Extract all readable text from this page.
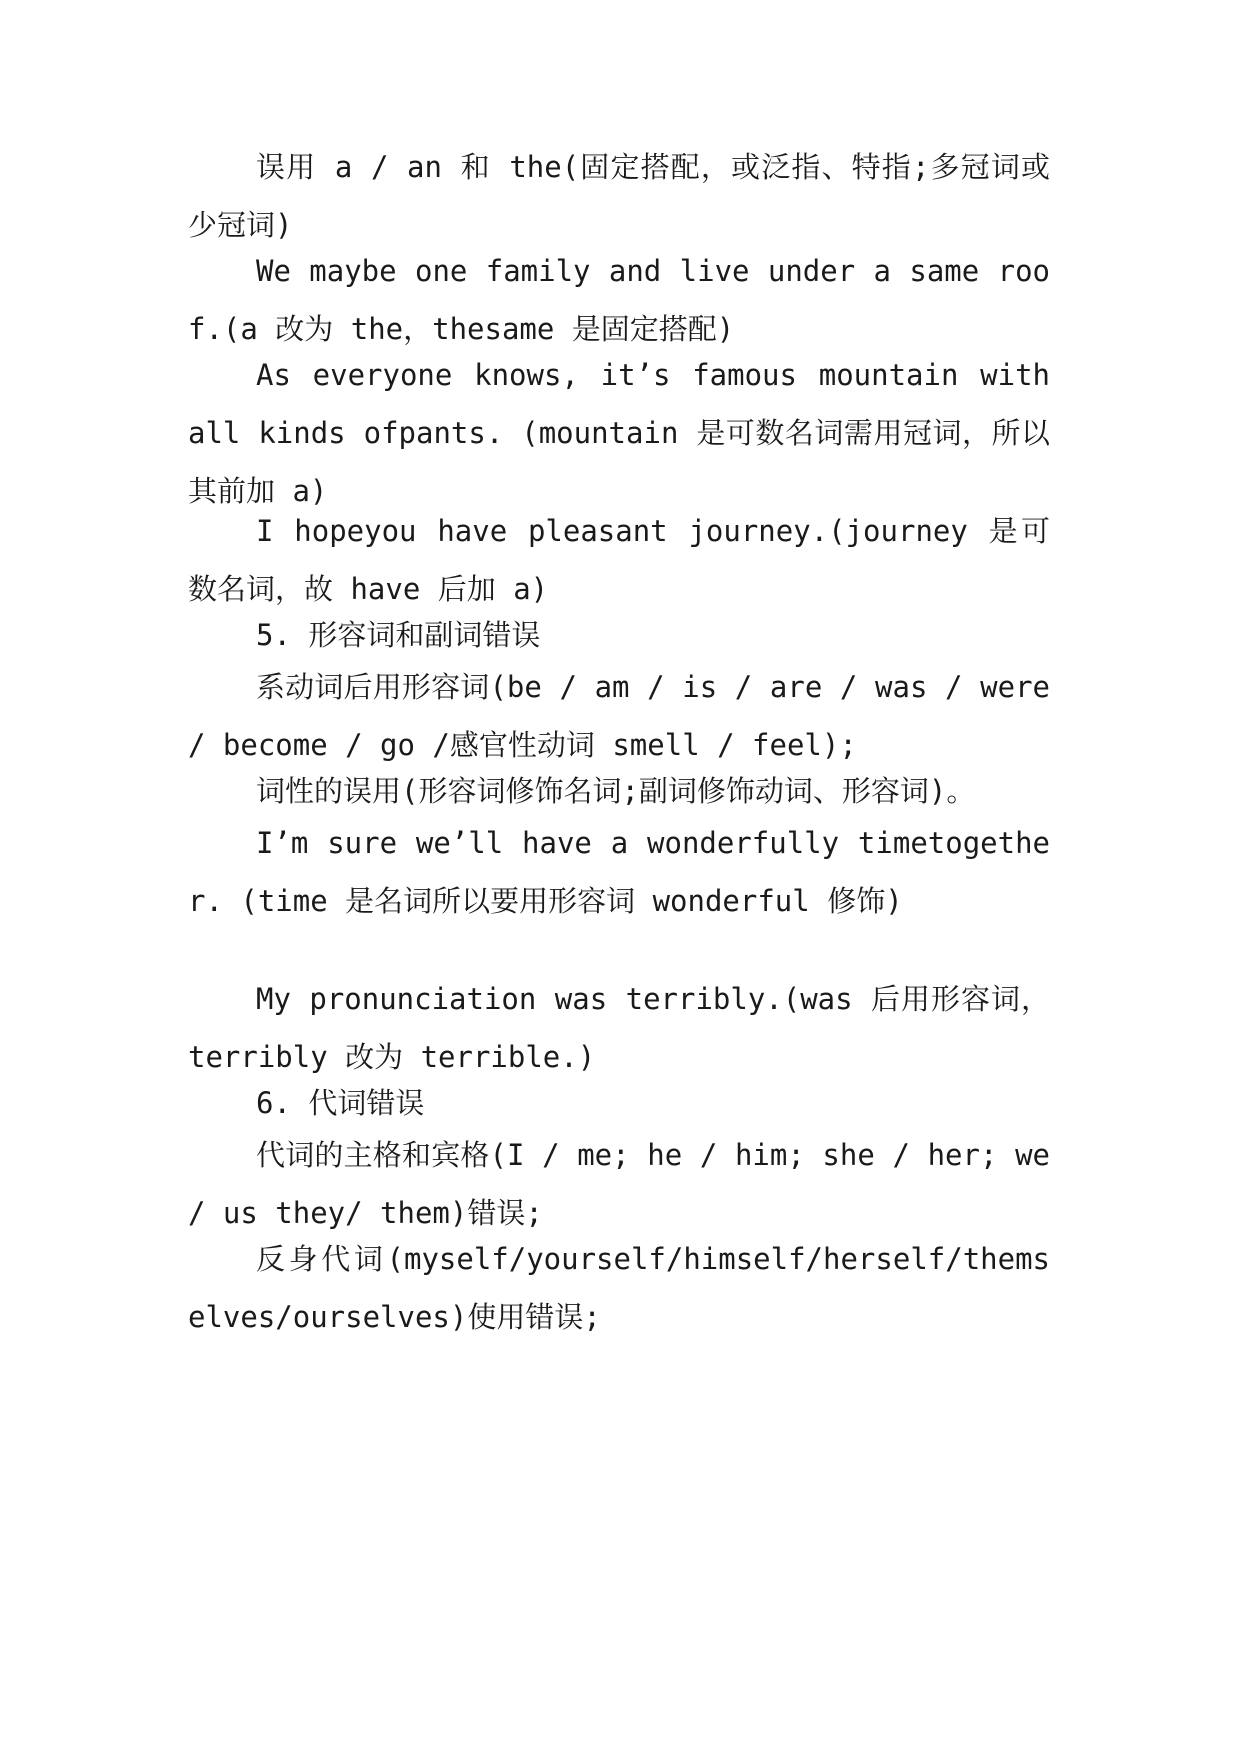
误用 a / an 和 the(固定搭配，或泛指、特指;多冠词或少冠词)

We maybe one family and live under a same roof.(a 改为 the，thesame 是固定搭配)

As everyone knows, it’s famous mountain with all kinds ofpants. (mountain 是可数名词需用冠词，所以其前加 a)

I hopeyou have pleasant journey.(journey 是可数名词，故 have 后加 a)

5. 形容词和副词错误

系动词后用形容词(be / am / is / are / was / were / become / go /感官性动词 smell / feel);

词性的误用(形容词修饰名词;副词修饰动词、形容词)。

I’m sure we’ll have a wonderfully timetogether. (time 是名词所以要用形容词 wonderful 修饰)

My pronunciation was terribly.(was 后用形容词，terribly 改为 terrible.)

6. 代词错误

代词的主格和宾格(I / me; he / him; she / her; we / us they/ them)错误;

反身代词(myself/yourself/himself/herself/themselves/ourselves)使用错误;
